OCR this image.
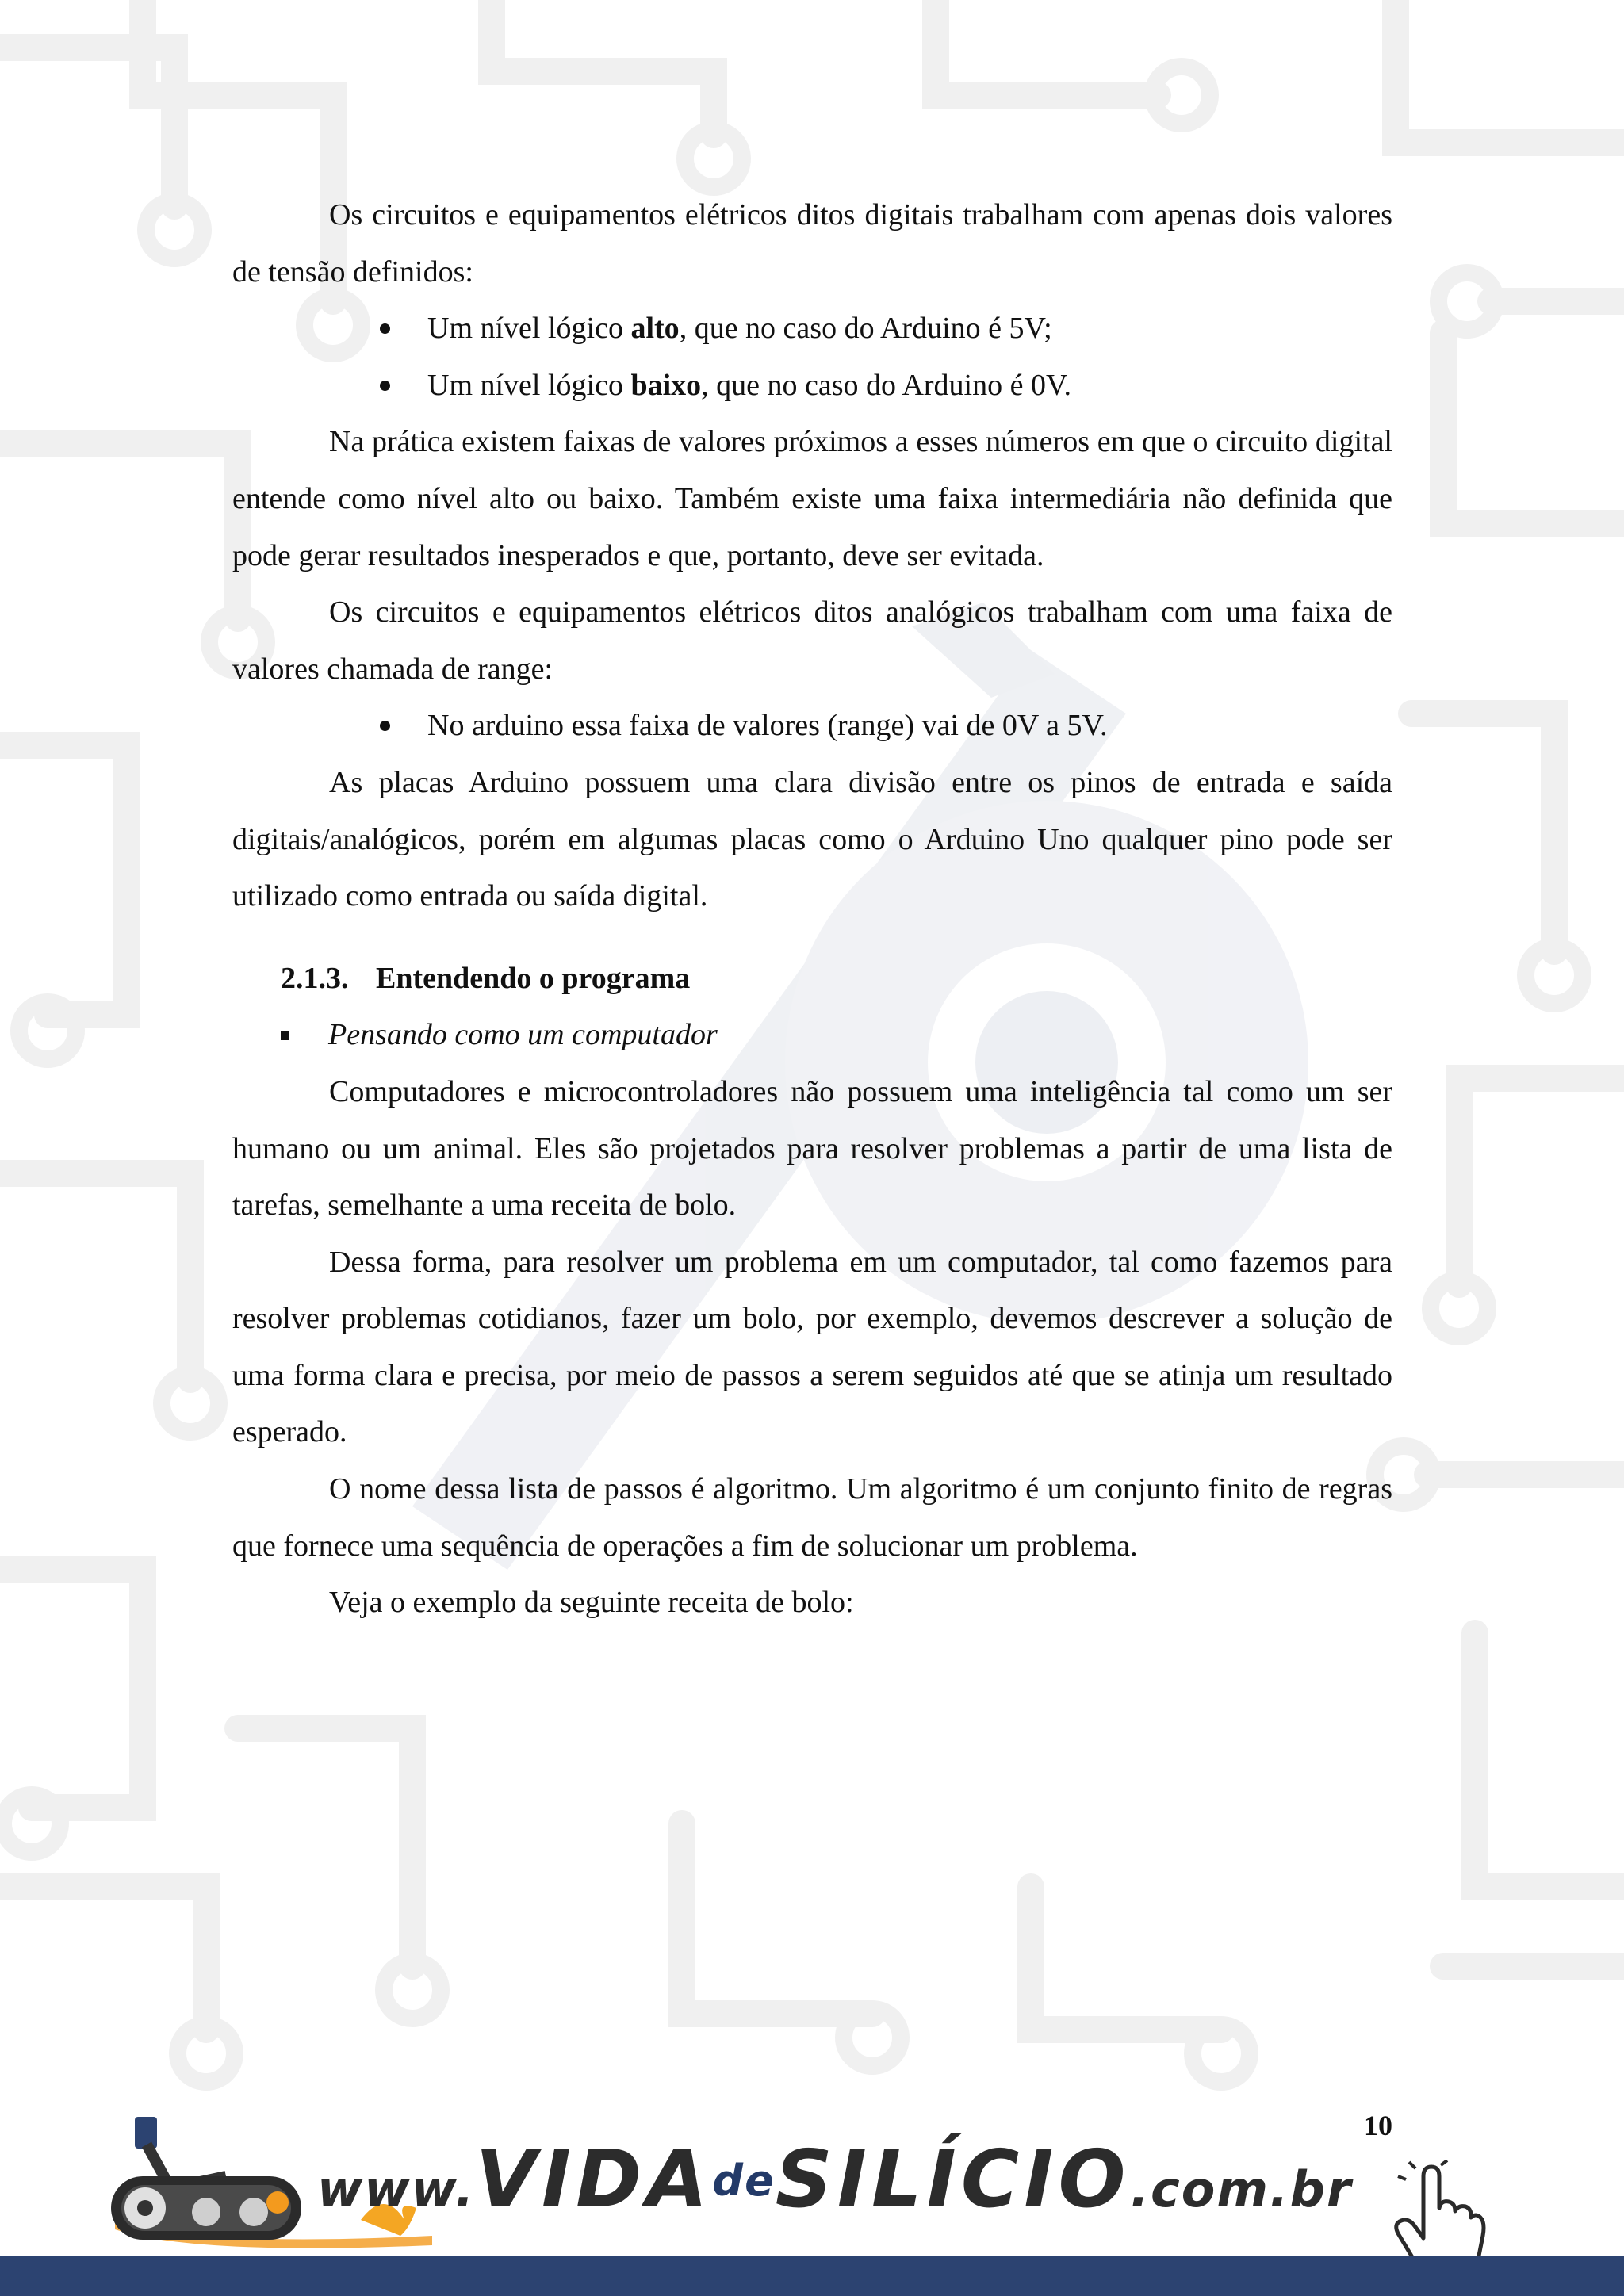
Os circuitos e equipamentos elétricos ditos digitais trabalham com apenas dois valores de tensão definidos:

Um nível lógico alto, que no caso do Arduino é 5V;
Um nível lógico baixo, que no caso do Arduino é 0V.

Na prática existem faixas de valores próximos a esses números em que o circuito digital entende como nível alto ou baixo. Também existe uma faixa intermediária não definida que pode gerar resultados inesperados e que, portanto, deve ser evitada.

Os circuitos e equipamentos elétricos ditos analógicos trabalham com uma faixa de valores chamada de range:

No arduino essa faixa de valores (range) vai de 0V a 5V.

As placas Arduino possuem uma clara divisão entre os pinos de entrada e saída digitais/analógicos, porém em algumas placas como o Arduino Uno qualquer pino pode ser utilizado como entrada ou saída digital.

2.1.3. Entendendo o programa
Pensando como um computador

Computadores e microcontroladores não possuem uma inteligência tal como um ser humano ou um animal. Eles são projetados para resolver problemas a partir de uma lista de tarefas, semelhante a uma receita de bolo.

Dessa forma, para resolver um problema em um computador, tal como fazemos para resolver problemas cotidianos, fazer um bolo, por exemplo, devemos descrever a solução de uma forma clara e precisa, por meio de passos a serem seguidos até que se atinja um resultado esperado.

O nome dessa lista de passos é algoritmo. Um algoritmo é um conjunto finito de regras que fornece uma sequência de operações a fim de solucionar um problema.

Veja o exemplo da seguinte receita de bolo:

10
www.VIDAdeSILÍCIO.com.br
